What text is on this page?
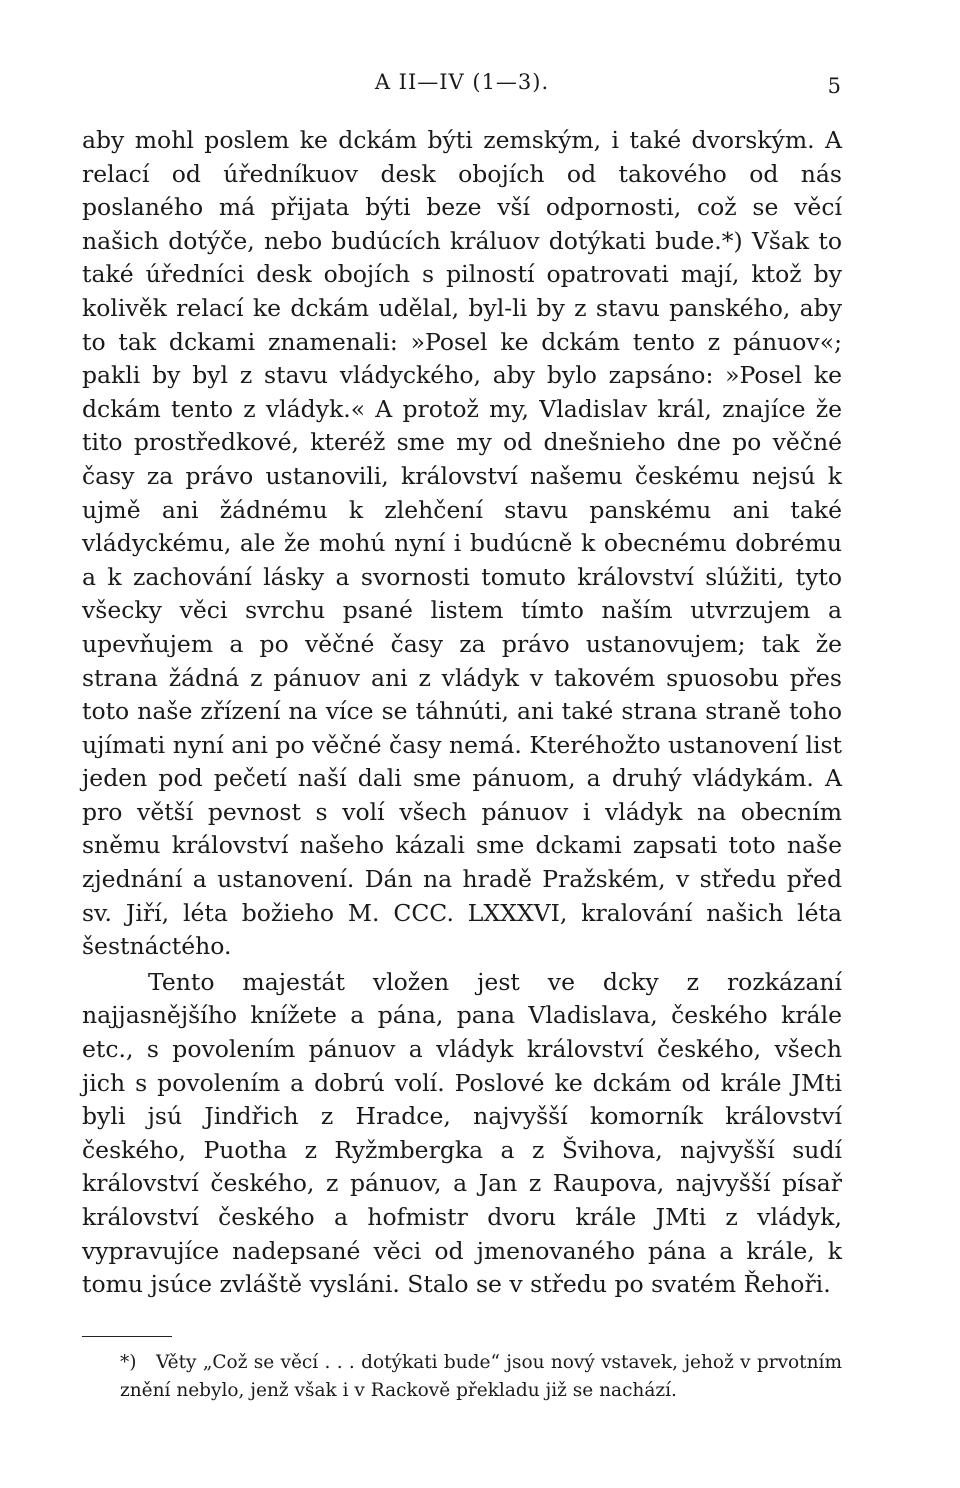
A II—IV (1—3).	5

aby mohl poslem ke dckám býti zemským, i také dvorským. A relací od úředníkuov desk obojích od takového od nás poslaného má přijata býti beze vší odpornosti, což se věcí našich dotýče, nebo budúcích králuov dotýkati bude.*) Však to také úředníci desk obojích s pilností opatrovati mají, ktož by kolivěk relací ke dckám udělal, byl-li by z stavu panského, aby to tak dckami znamenali: »Posel ke dckám tento z pánuov«; pakli by byl z stavu vládyckého, aby bylo zapsáno: »Posel ke dckám tento z vládyk.« A protož my, Vladislav král, znajíce že tito prostředkové, kteréž sme my od dnešnieho dne po věčné časy za právo ustanovili, království našemu českému nejsú k ujmě ani žádnému k zlehčení stavu panskému ani také vládyckému, ale že mohú nyní i budúcně k obecnému dobrému a k zachování lásky a svornosti tomuto království slúžiti, tyto všecky věci svrchu psané listem tímto naším utvrzujem a upevňujem a po věčné časy za právo ustanovujem; tak že strana žádná z pánuov ani z vládyk v takovém spuosobu přes toto naše zřízení na více se táhnúti, ani také strana straně toho ujímati nyní ani po věčné časy nemá. Kteréhožto ustanovení list jeden pod pečetí naší dali sme pánuom, a druhý vládykám. A pro větší pevnost s volí všech pánuov i vládyk na obecním sněmu království našeho kázali sme dckami zapsati toto naše zjednání a ustanovení. Dán na hradě Pražském, v středu před sv. Jiří, léta božieho M. CCC. LXXXVI, kralování našich léta šestnáctého.

Tento majestát vložen jest ve dcky z rozkázaní najjasnějšího knížete a pána, pana Vladislava, českého krále etc., s povolením pánuov a vládyk království českého, všech jich s povolením a dobrú volí. Poslové ke dckám od krále JMti byli jsú Jindřich z Hradce, najvyšší komorník království českého, Puotha z Ryžmbergka a z Švihova, najvyšší sudí království českého, z pánuov, a Jan z Raupova, najvyšší písař království českého a hofmistr dvoru krále JMti z vládyk, vypravujíce nadepsané věci od jmenovaného pána a krále, k tomu jsúce zvláště vysláni. Stalo se v středu po svatém Řehoři.

*)	Věty „Což se věcí . . . dotýkati bude“ jsou nový vstavek, jehož v prvotním znění nebylo, jenž však i v Rackově překladu již se nachází.
